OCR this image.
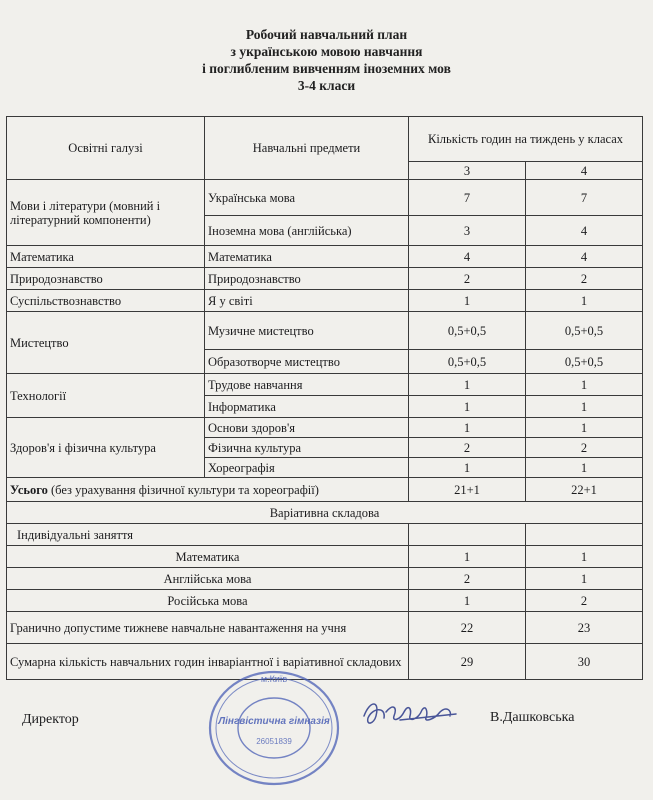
Робочий навчальний план
з українською мовою навчання
і поглибленим вивченням іноземних мов
3-4 класи
Освітні галузі	Навчальні предмети	Кількість годин на тиждень у класах	
		3	4
Мови і літератури (мовний і літературний компоненти)	Українська мова	7	7
	Іноземна мова (англійська)	3	4
Математика	Математика	4	4
Природознавство	Природознавство	2	2
Суспільствознавство	Я у світі	1	1
Мистецтво	Музичне мистецтво	0,5+0,5	0,5+0,5
	Образотворче мистецтво	0,5+0,5	0,5+0,5
Технології	Трудове навчання	1	1
	Інформатика	1	1
Здоров'я і фізична культура	Основи здоров'я	1	1
	Фізична культура	2	2
	Хореографія	1	1
Усього (без урахування фізичної культури та хореографії)		21+1	22+1
Варіативна складова			
Індивідуальні заняття			
Математика		1	1
Англійська мова		2	1
Російська мова		1	2
Гранично допустиме тижневе навчальне навантаження на учня		22	23
Сумарна кількість навчальних годин інваріантної і варіативної складових		29	30
Директор
м.Київ
Лінгвістична гімназія
26051839
В.Дашковська
